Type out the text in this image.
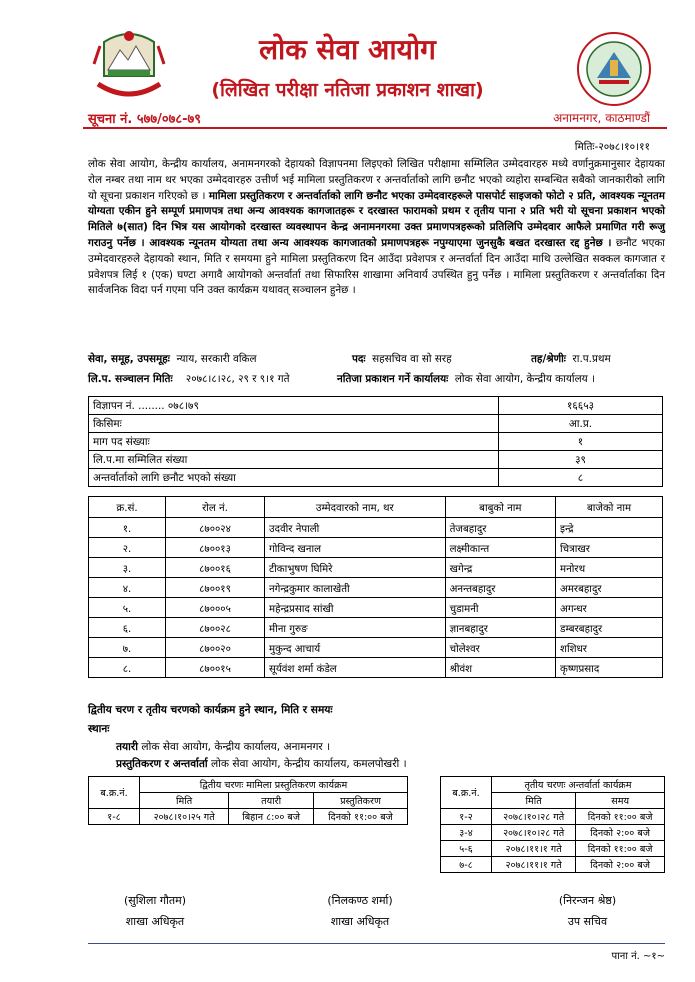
लोक सेवा आयोग
(लिखित परीक्षा नतिजा प्रकाशन शाखा)
सूचना नं. ५७७/०७८-७९	अनामनगर, काठमाण्डौं
मितिः-२०७८।१०।११
लोक सेवा आयोग, केन्द्रीय कार्यालय, अनामनगरको देहायको विज्ञापनमा लिइएको लिखित परीक्षामा सम्मिलित उम्मेदवारहरु मध्ये वर्णानुक्रमानुसार देहायका रोल नम्बर तथा नाम थर भएका उम्मेदवारहरु उत्तीर्ण भई मामिला प्रस्तुतिकरण र अन्तर्वार्ताको लागि छनौट भएको व्यहोरा सम्बन्धित सबैको जानकारीको लागि यो सूचना प्रकाशन गरिएको छ । मामिला प्रस्तुतिकरण र अन्तर्वार्ताको लागि छनौट भएका उम्मेदवारहरूले पासपोर्ट साइजको फोटो २ प्रति, आवश्यक न्यूनतम योग्यता एकीन हुने सम्पूर्ण प्रमाणपत्र तथा अन्य आवश्यक कागजातहरू र दरखास्त फारामको प्रथम र तृतीय पाना २ प्रति भरी यो सूचना प्रकाशन भएको मितिले ७(सात) दिन भित्र यस आयोगको दरखास्त व्यवस्थापन केन्द्र अनामनगरमा उक्त प्रमाणपत्रहरूको प्रतिलिपि उम्मेदवार आफैले प्रमाणित गरी रूजु गराउनु पर्नेछ । आवश्यक न्यूनतम योग्यता तथा अन्य आवश्यक कागजातको प्रमाणपत्रहरू नपुग्याएमा जुनसुकै बखत दरखास्त रद्द हुनेछ । छनौट भएका उम्मेदवारहरुले देहायको स्थान, मिति र समयमा हुने मामिला प्रस्तुतिकरण दिन आउँदा प्रवेशपत्र र अन्तर्वार्ता दिन आउँदा माथि उल्लेखित सक्कल कागजात र प्रवेशपत्र लिई १ (एक) घण्टा अगावै आयोगको अन्तर्वार्ता तथा सिफारिस शाखामा अनिवार्य उपस्थित हुनु पर्नेछ । मामिला प्रस्तुतिकरण र अन्तर्वार्ताका दिन सार्वजनिक विदा पर्न गएमा पनि उक्त कार्यक्रम यथावत् सञ्चालन हुनेछ ।
सेवा, समूह, उपसमूहः न्याय, सरकारी वकिल	पदः सहसचिव वा सो सरह	तह/श्रेणीः रा.प.प्रथम
लि.प. सञ्चालन मितिः २०७८।८।२८, २९ र ९।१ गते	नतिजा प्रकाशन गर्ने कार्यालयः लोक सेवा आयोग, केन्द्रीय कार्यालय ।
विज्ञापन नं. ........ ०७८।७९	१६६५३
किसिमः	आ.प्र.
माग पद संख्याः	१
लि.प.मा सम्मिलित संख्या	३९
अन्तर्वार्ताको लागि छनौट भएको संख्या	८
क्र.सं.	रोल नं.	उम्मेदवारको नाम, थर	बाबुको नाम	बाजेको नाम
१.	८७००२४	उदवीर नेपाली	तेजबहादुर	इन्द्रे
२.	८७००१३	गोविन्द खनाल	लक्ष्मीकान्त	चित्राखर
३.	८७००१६	टीकाभुषण घिमिरे	खगेन्द्र	मनोरथ
४.	८७००१९	नगेन्द्रकुमार कालाखेती	अनन्तबहादुर	अमरबहादुर
५.	८७०००५	महेन्द्रप्रसाद सांखी	चुडामनी	अगन्धर
६.	८७००२८	मीना गुरुङ	ज्ञानबहादुर	डम्बरबहादुर
७.	८७००२०	मुकुन्द आचार्य	चोलेश्वर	शशिधर
८.	८७००१५	सूर्यवंश शर्मा कंडेल	श्रीवंश	कृष्णप्रसाद
द्वितीय चरण र तृतीय चरणको कार्यक्रम हुने स्थान, मिति र समयः
स्थानः
तयारी लोक सेवा आयोग, केन्द्रीय कार्यालय, अनामनगर ।
प्रस्तुतिकरण र अन्तर्वार्ता लोक सेवा आयोग, केन्द्रीय कार्यालय, कमलपोखरी ।
ब.क्र.नं.	द्वितीय चरणः मामिला प्रस्तुतिकरण कार्यक्रम		
	मिति	तयारी	प्रस्तुतिकरण
१-८	२०७८।१०।२५ गते	बिहान ८:०० बजे	दिनको ११:०० बजे
ब.क्र.नं.	तृतीय चरणः अन्तर्वार्ता कार्यक्रम	
	मिति	समय
१-२	२०७८।१०।२८ गते	दिनको ११:०० बजे
३-४	२०७८।१०।२८ गते	दिनको २:०० बजे
५-६	२०७८।११।१ गते	दिनको ११:०० बजे
७-८	२०७८।११।१ गते	दिनको २:०० बजे
(सुशिला गौतम)
शाखा अधिकृत
(निलकण्ठ शर्मा)
शाखा अधिकृत
(निरन्जन श्रेष्ठ)
उप सचिव
पाना नं. ~१~
